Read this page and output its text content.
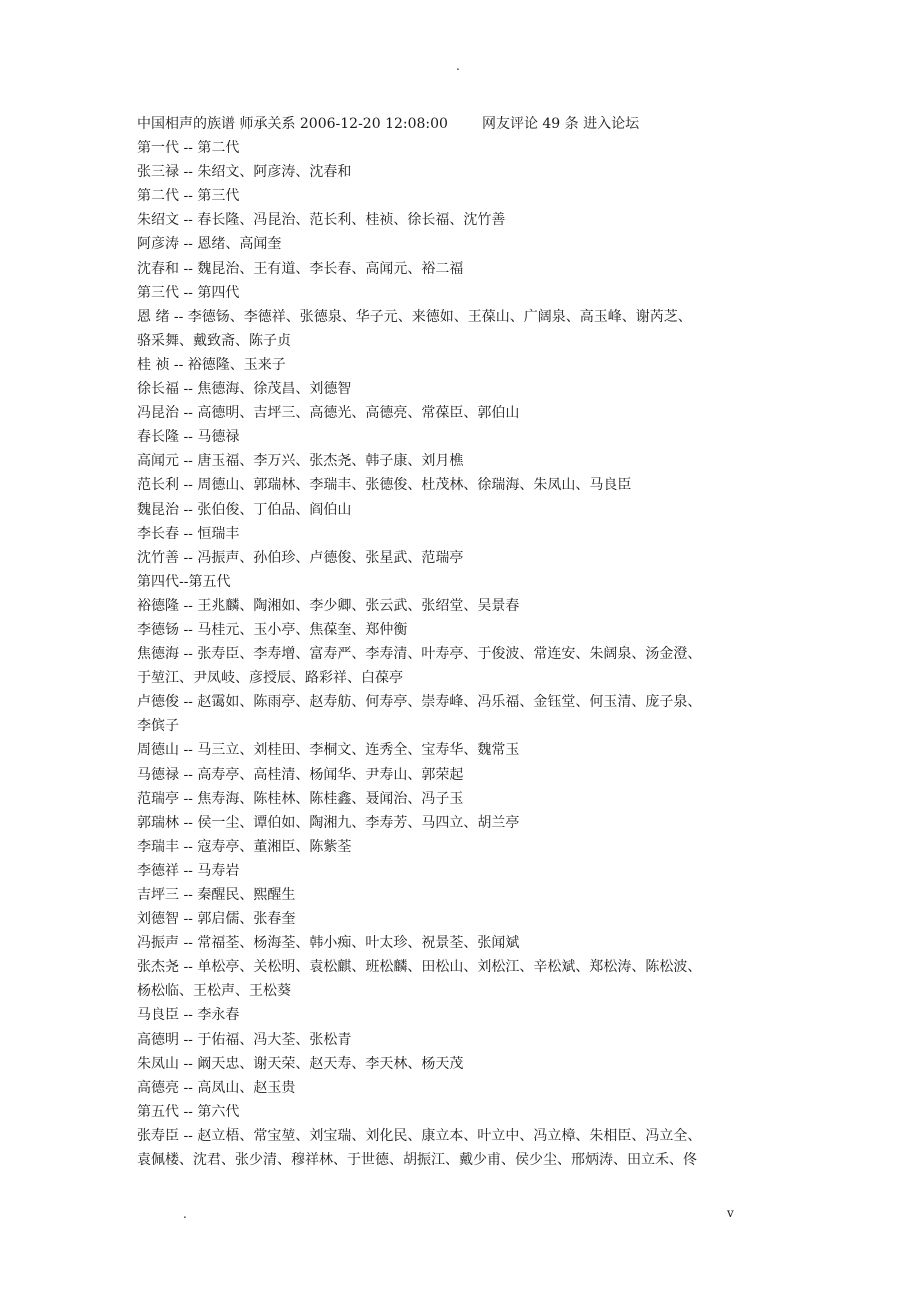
.
中国相声的族谱 师承关系 2006-12-20 12:08:00 网友评论 49 条 进入论坛
第一代 -- 第二代
张三禄 -- 朱绍文、阿彦涛、沈春和
第二代 -- 第三代
朱绍文 -- 春长隆、冯昆治、范长利、桂祯、徐长福、沈竹善
阿彦涛 -- 恩绪、高闻奎
沈春和 -- 魏昆治、王有道、李长春、高闻元、裕二福
第三代 -- 第四代
恩 绪 -- 李德钖、李德祥、张德泉、华子元、来德如、王葆山、广阔泉、高玉峰、谢芮芝、
骆采舞、戴致斋、陈子贞
桂 祯 -- 裕德隆、玉来子
徐长福 -- 焦德海、徐茂昌、刘德智
冯昆治 -- 高德明、吉坪三、高德光、高德亮、常葆臣、郭伯山
春长隆 -- 马德禄
高闻元 -- 唐玉福、李万兴、张杰尧、韩子康、刘月樵
范长利 -- 周德山、郭瑞林、李瑞丰、张德俊、杜茂林、徐瑞海、朱凤山、马良臣
魏昆治 -- 张伯俊、丁伯品、阎伯山
李长春 -- 恒瑞丰
沈竹善 -- 冯振声、孙伯珍、卢德俊、张星武、范瑞亭
第四代--第五代
裕德隆 -- 王兆麟、陶湘如、李少卿、张云武、张绍堂、吴景春
李德钖 -- 马桂元、玉小亭、焦葆奎、郑仲衡
焦德海 -- 张寿臣、李寿增、富寿严、李寿清、叶寿亭、于俊波、常连安、朱阔泉、汤金澄、
于堃江、尹凤岐、彦授辰、路彩祥、白葆亭
卢德俊 -- 赵霭如、陈雨亭、赵寿舫、何寿亭、崇寿峰、冯乐福、金钰堂、何玉清、庞子泉、
李傧子
周德山 -- 马三立、刘桂田、李桐文、连秀全、宝寿华、魏常玉
马德禄 -- 高寿亭、高桂清、杨闻华、尹寿山、郭荣起
范瑞亭 -- 焦寿海、陈桂林、陈桂鑫、聂闻治、冯子玉
郭瑞林 -- 侯一尘、谭伯如、陶湘九、李寿芳、马四立、胡兰亭
李瑞丰 -- 寇寿亭、董湘臣、陈紫荃
李德祥 -- 马寿岩
吉坪三 -- 秦醒民、熙醒生
刘德智 -- 郭启儒、张春奎
冯振声 -- 常福荃、杨海荃、韩小痴、叶太珍、祝景荃、张闻斌
张杰尧 -- 单松亭、关松明、袁松麒、班松麟、田松山、刘松江、辛松斌、郑松涛、陈松波、
杨松临、王松声、王松葵
马良臣 -- 李永春
高德明 -- 于佑福、冯大荃、张松青
朱凤山 -- 阚天忠、谢天荣、赵天寿、李天林、杨天茂
高德亮 -- 高凤山、赵玉贵
第五代 -- 第六代
张寿臣 -- 赵立梧、常宝堃、刘宝瑞、刘化民、康立本、叶立中、冯立樟、朱相臣、冯立全、
袁佩楼、沈君、张少清、穆祥林、于世德、胡振江、戴少甫、侯少尘、邢炳涛、田立禾、佟
.	v
